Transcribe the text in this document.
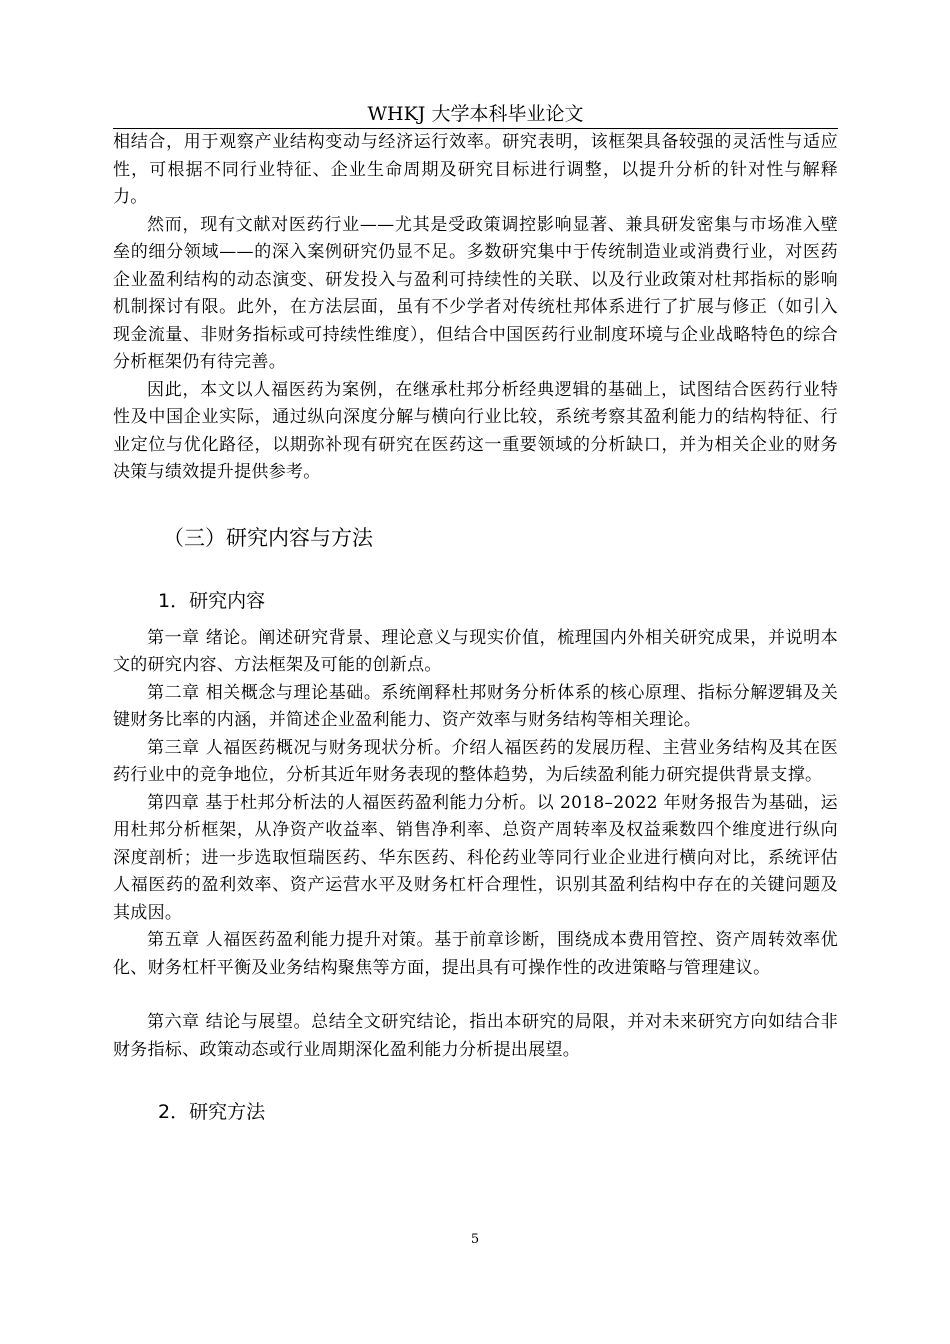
WHKJ 大学本科毕业论文

相结合，用于观察产业结构变动与经济运行效率。研究表明，该框架具备较强的灵活性与适应性，可根据不同行业特征、企业生命周期及研究目标进行调整，以提升分析的针对性与解释力。

然而，现有文献对医药行业——尤其是受政策调控影响显著、兼具研发密集与市场准入壁垒的细分领域——的深入案例研究仍显不足。多数研究集中于传统制造业或消费行业，对医药企业盈利结构的动态演变、研发投入与盈利可持续性的关联、以及行业政策对杜邦指标的影响机制探讨有限。此外，在方法层面，虽有不少学者对传统杜邦体系进行了扩展与修正（如引入现金流量、非财务指标或可持续性维度），但结合中国医药行业制度环境与企业战略特色的综合分析框架仍有待完善。

因此，本文以人福医药为案例，在继承杜邦分析经典逻辑的基础上，试图结合医药行业特性及中国企业实际，通过纵向深度分解与横向行业比较，系统考察其盈利能力的结构特征、行业定位与优化路径，以期弥补现有研究在医药这一重要领域的分析缺口，并为相关企业的财务决策与绩效提升提供参考。

（三）研究内容与方法
1．研究内容

第一章 绪论。阐述研究背景、理论意义与现实价值，梳理国内外相关研究成果，并说明本文的研究内容、方法框架及可能的创新点。

第二章 相关概念与理论基础。系统阐释杜邦财务分析体系的核心原理、指标分解逻辑及关键财务比率的内涵，并简述企业盈利能力、资产效率与财务结构等相关理论。

第三章 人福医药概况与财务现状分析。介绍人福医药的发展历程、主营业务结构及其在医药行业中的竞争地位，分析其近年财务表现的整体趋势，为后续盈利能力研究提供背景支撑。

第四章 基于杜邦分析法的人福医药盈利能力分析。以 2018–2022 年财务报告为基础，运用杜邦分析框架，从净资产收益率、销售净利率、总资产周转率及权益乘数四个维度进行纵向深度剖析；进一步选取恒瑞医药、华东医药、科伦药业等同行业企业进行横向对比，系统评估人福医药的盈利效率、资产运营水平及财务杠杆合理性，识别其盈利结构中存在的关键问题及其成因。

第五章 人福医药盈利能力提升对策。基于前章诊断，围绕成本费用管控、资产周转效率优化、财务杠杆平衡及业务结构聚焦等方面，提出具有可操作性的改进策略与管理建议。

第六章 结论与展望。总结全文研究结论，指出本研究的局限，并对未来研究方向如结合非财务指标、政策动态或行业周期深化盈利能力分析提出展望。

2．研究方法
5
